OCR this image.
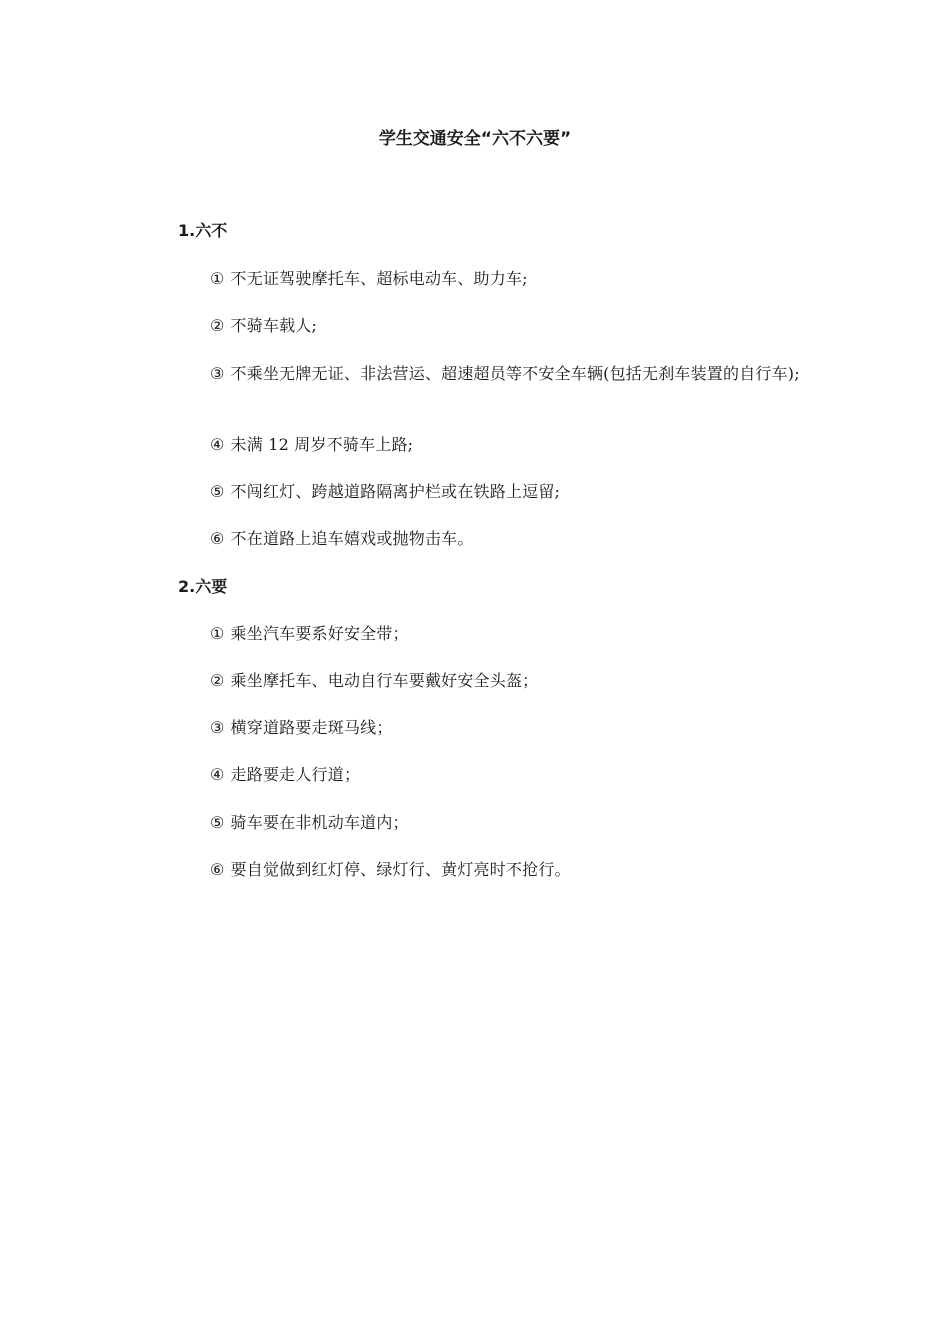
学生交通安全“六不六要”
1.六不
① 不无证驾驶摩托车、超标电动车、助力车;
② 不骑车载人;
③ 不乘坐无牌无证、非法营运、超速超员等不安全车辆(包括无刹车装置的自行车);
④ 未满 12 周岁不骑车上路;
⑤ 不闯红灯、跨越道路隔离护栏或在铁路上逗留;
⑥ 不在道路上追车嬉戏或抛物击车。
2.六要
① 乘坐汽车要系好安全带；
② 乘坐摩托车、电动自行车要戴好安全头盔；
③ 横穿道路要走斑马线；
④ 走路要走人行道；
⑤ 骑车要在非机动车道内；
⑥ 要自觉做到红灯停、绿灯行、黄灯亮时不抢行。
